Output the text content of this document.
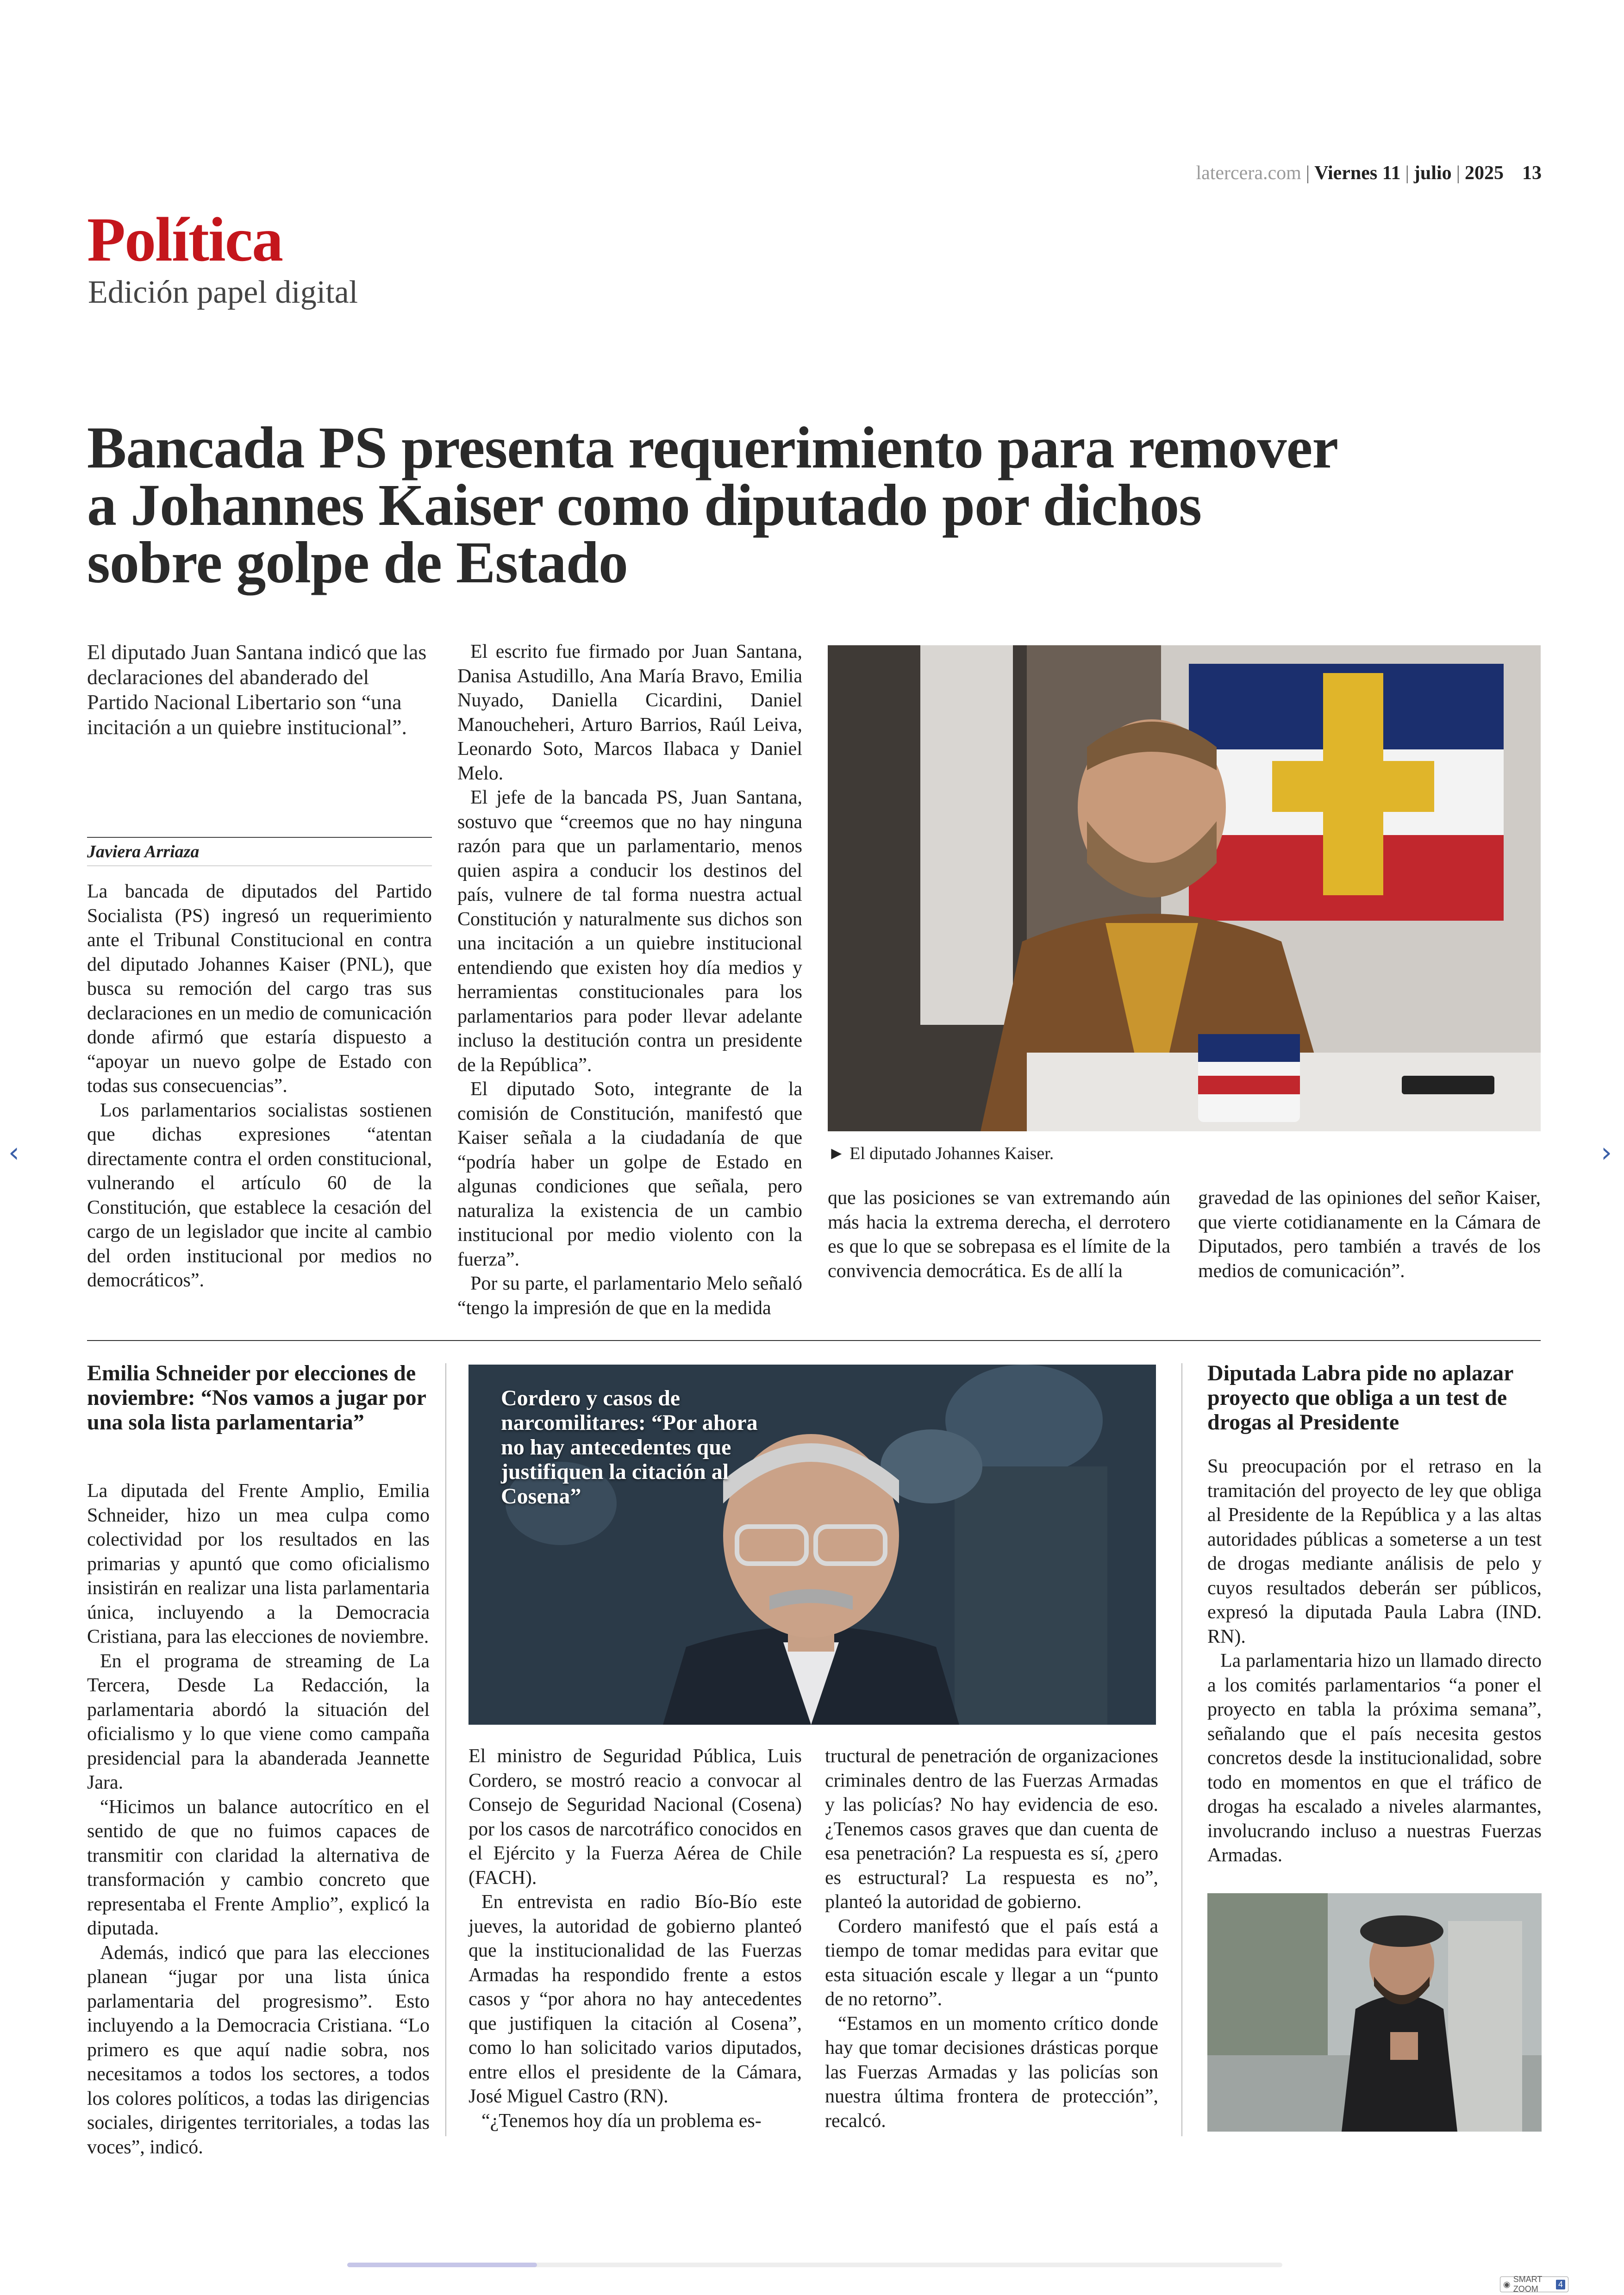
latercera.com | Viernes 11 | julio | 2025 13
Política
Edición papel digital
Bancada PS presenta requerimiento para remover a Johannes Kaiser como diputado por dichos sobre golpe de Estado
El diputado Juan Santana indicó que las declaraciones del abanderado del Partido Nacional Libertario son “una incitación a un quiebre institucional”.
Javiera Arriaza

La bancada de diputados del Partido Socialista (PS) ingresó un requerimiento ante el Tribunal Constitucional en contra del diputado Johannes Kaiser (PNL), que busca su remoción del cargo tras sus declaraciones en un medio de comunicación donde afirmó que estaría dispuesto a “apoyar un nuevo golpe de Estado con todas sus consecuencias”.

Los parlamentarios socialistas sostienen que dichas expresiones “atentan directamente contra el orden constitucional, vulnerando el artículo 60 de la Constitución, que establece la cesación del cargo de un legislador que incite al cambio del orden institucional por medios no democráticos”.

El escrito fue firmado por Juan Santana, Danisa Astudillo, Ana María Bravo, Emilia Nuyado, Daniella Cicardini, Daniel Manoucheheri, Arturo Barrios, Raúl Leiva, Leonardo Soto, Marcos Ilabaca y Daniel Melo.

El jefe de la bancada PS, Juan Santana, sostuvo que “creemos que no hay ninguna razón para que un parlamentario, menos quien aspira a conducir los destinos del país, vulnere de tal forma nuestra actual Constitución y naturalmente sus dichos son una incitación a un quiebre institucional entendiendo que existen hoy día medios y herramientas constitucionales para los parlamentarios para poder llevar adelante incluso la destitución contra un presidente de la República”.

El diputado Soto, integrante de la comisión de Constitución, manifestó que Kaiser señala a la ciudadanía de que “podría haber un golpe de Estado en algunas condiciones que señala, pero naturaliza la existencia de un cambio institucional por medio violento con la fuerza”.

Por su parte, el parlamentario Melo señaló “tengo la impresión de que en la medida

► El diputado Johannes Kaiser.

que las posiciones se van extremando aún más hacia la extrema derecha, el derrotero es que lo que se sobrepasa es el límite de la convivencia democrática. Es de allí la

gravedad de las opiniones del señor Kaiser, que vierte cotidianamente en la Cámara de Diputados, pero también a través de los medios de comunicación”.

Emilia Schneider por elecciones de noviembre: “Nos vamos a jugar por una sola lista parlamentaria”

La diputada del Frente Amplio, Emilia Schneider, hizo un mea culpa como colectividad por los resultados en las primarias y apuntó que como oficialismo insistirán en realizar una lista parlamentaria única, incluyendo a la Democracia Cristiana, para las elecciones de noviembre.

En el programa de streaming de La Tercera, Desde La Redacción, la parlamentaria abordó la situación del oficialismo y lo que viene como campaña presidencial para la abanderada Jeannette Jara.

“Hicimos un balance autocrítico en el sentido de que no fuimos capaces de transmitir con claridad la alternativa de transformación y cambio concreto que representaba el Frente Amplio”, explicó la diputada.

Además, indicó que para las elecciones planean “jugar por una lista única parlamentaria del progresismo”. Esto incluyendo a la Democracia Cristiana. “Lo primero es que aquí nadie sobra, nos necesitamos a todos los sectores, a todos los colores políticos, a todas las dirigencias sociales, dirigentes territoriales, a todas las voces”, indicó.

Cordero y casos de narcomilitares: “Por ahora no hay antecedentes que justifiquen la citación al Cosena”

El ministro de Seguridad Pública, Luis Cordero, se mostró reacio a convocar al Consejo de Seguridad Nacional (Cosena) por los casos de narcotráfico conocidos en el Ejército y la Fuerza Aérea de Chile (FACH).

En entrevista en radio Bío-Bío este jueves, la autoridad de gobierno planteó que la institucionalidad de las Fuerzas Armadas ha respondido frente a estos casos y “por ahora no hay antecedentes que justifiquen la citación al Cosena”, como lo han solicitado varios diputados, entre ellos el presidente de la Cámara, José Miguel Castro (RN).

“¿Tenemos hoy día un problema es-

tructural de penetración de organizaciones criminales dentro de las Fuerzas Armadas y las policías? No hay evidencia de eso. ¿Tenemos casos graves que dan cuenta de esa penetración? La respuesta es sí, ¿pero es estructural? La respuesta es no”, planteó la autoridad de gobierno.

Cordero manifestó que el país está a tiempo de tomar medidas para evitar que esta situación escale y llegar a un “punto de no retorno”.

“Estamos en un momento crítico donde hay que tomar decisiones drásticas porque las Fuerzas Armadas y las policías son nuestra última frontera de protección”, recalcó.

Diputada Labra pide no aplazar proyecto que obliga a un test de drogas al Presidente

Su preocupación por el retraso en la tramitación del proyecto de ley que obliga al Presidente de la República y a las altas autoridades públicas a someterse a un test de drogas mediante análisis de pelo y cuyos resultados deberán ser públicos, expresó la diputada Paula Labra (IND. RN).

La parlamentaria hizo un llamado directo a los comités parlamentarios “a poner el proyecto en tabla la próxima semana”, señalando que el país necesita gestos concretos desde la institucionalidad, sobre todo en momentos en que el tráfico de drogas ha escalado a niveles alarmantes, involucrando incluso a nuestras Fuerzas Armadas.

‹	›
◉
SMART ZOOM
4
